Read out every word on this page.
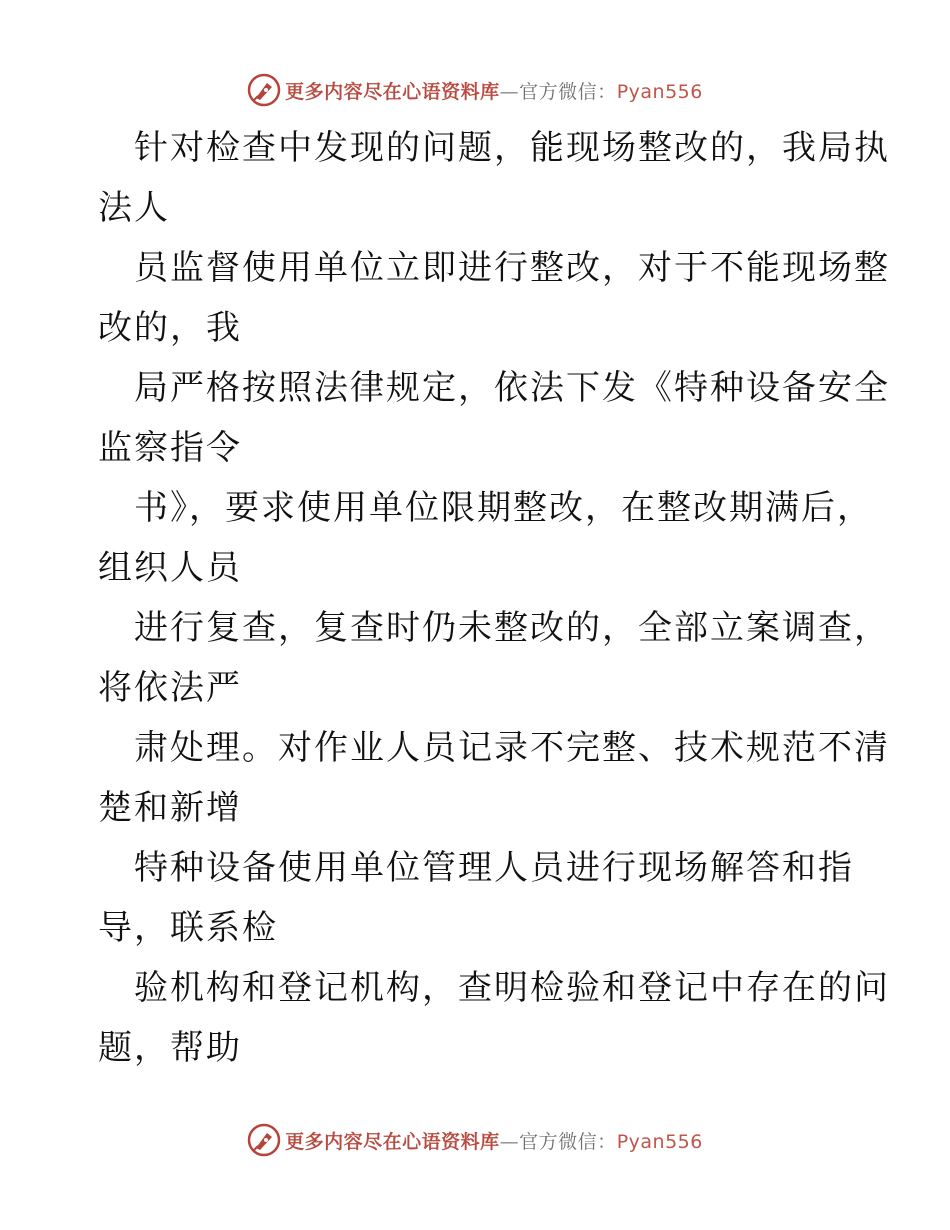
更多内容尽在心语资料库—官方微信：Pyan556
针对检查中发现的问题，能现场整改的，我局执
法人
员监督使用单位立即进行整改，对于不能现场整
改的，我
局严格按照法律规定，依法下发《特种设备安全
监察指令
书》，要求使用单位限期整改，在整改期满后，
组织人员
进行复查，复查时仍未整改的，全部立案调查，
将依法严
肃处理。对作业人员记录不完整、技术规范不清
楚和新增
特种设备使用单位管理人员进行现场解答和指
导，联系检
验机构和登记机构，查明检验和登记中存在的问
题，帮助
更多内容尽在心语资料库—官方微信：Pyan556
